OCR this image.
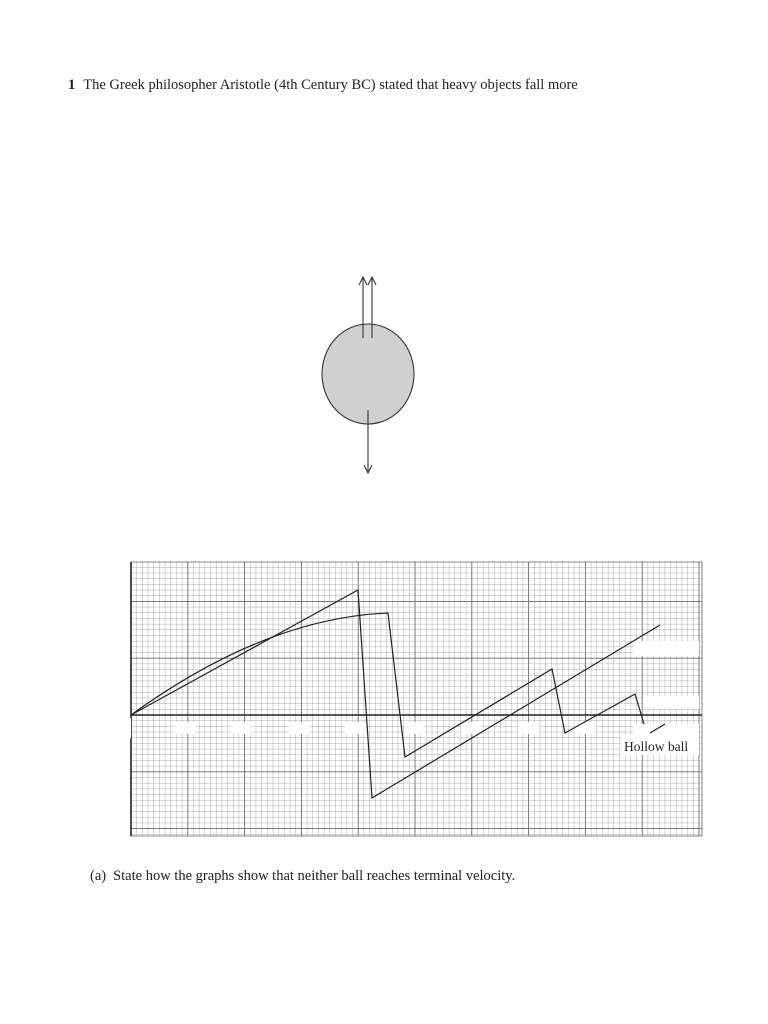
1 The Greek philosopher Aristotle (4th Century BC) stated that heavy objects fall more
Hollow ball
(a) State how the graphs show that neither ball reaches terminal velocity.
